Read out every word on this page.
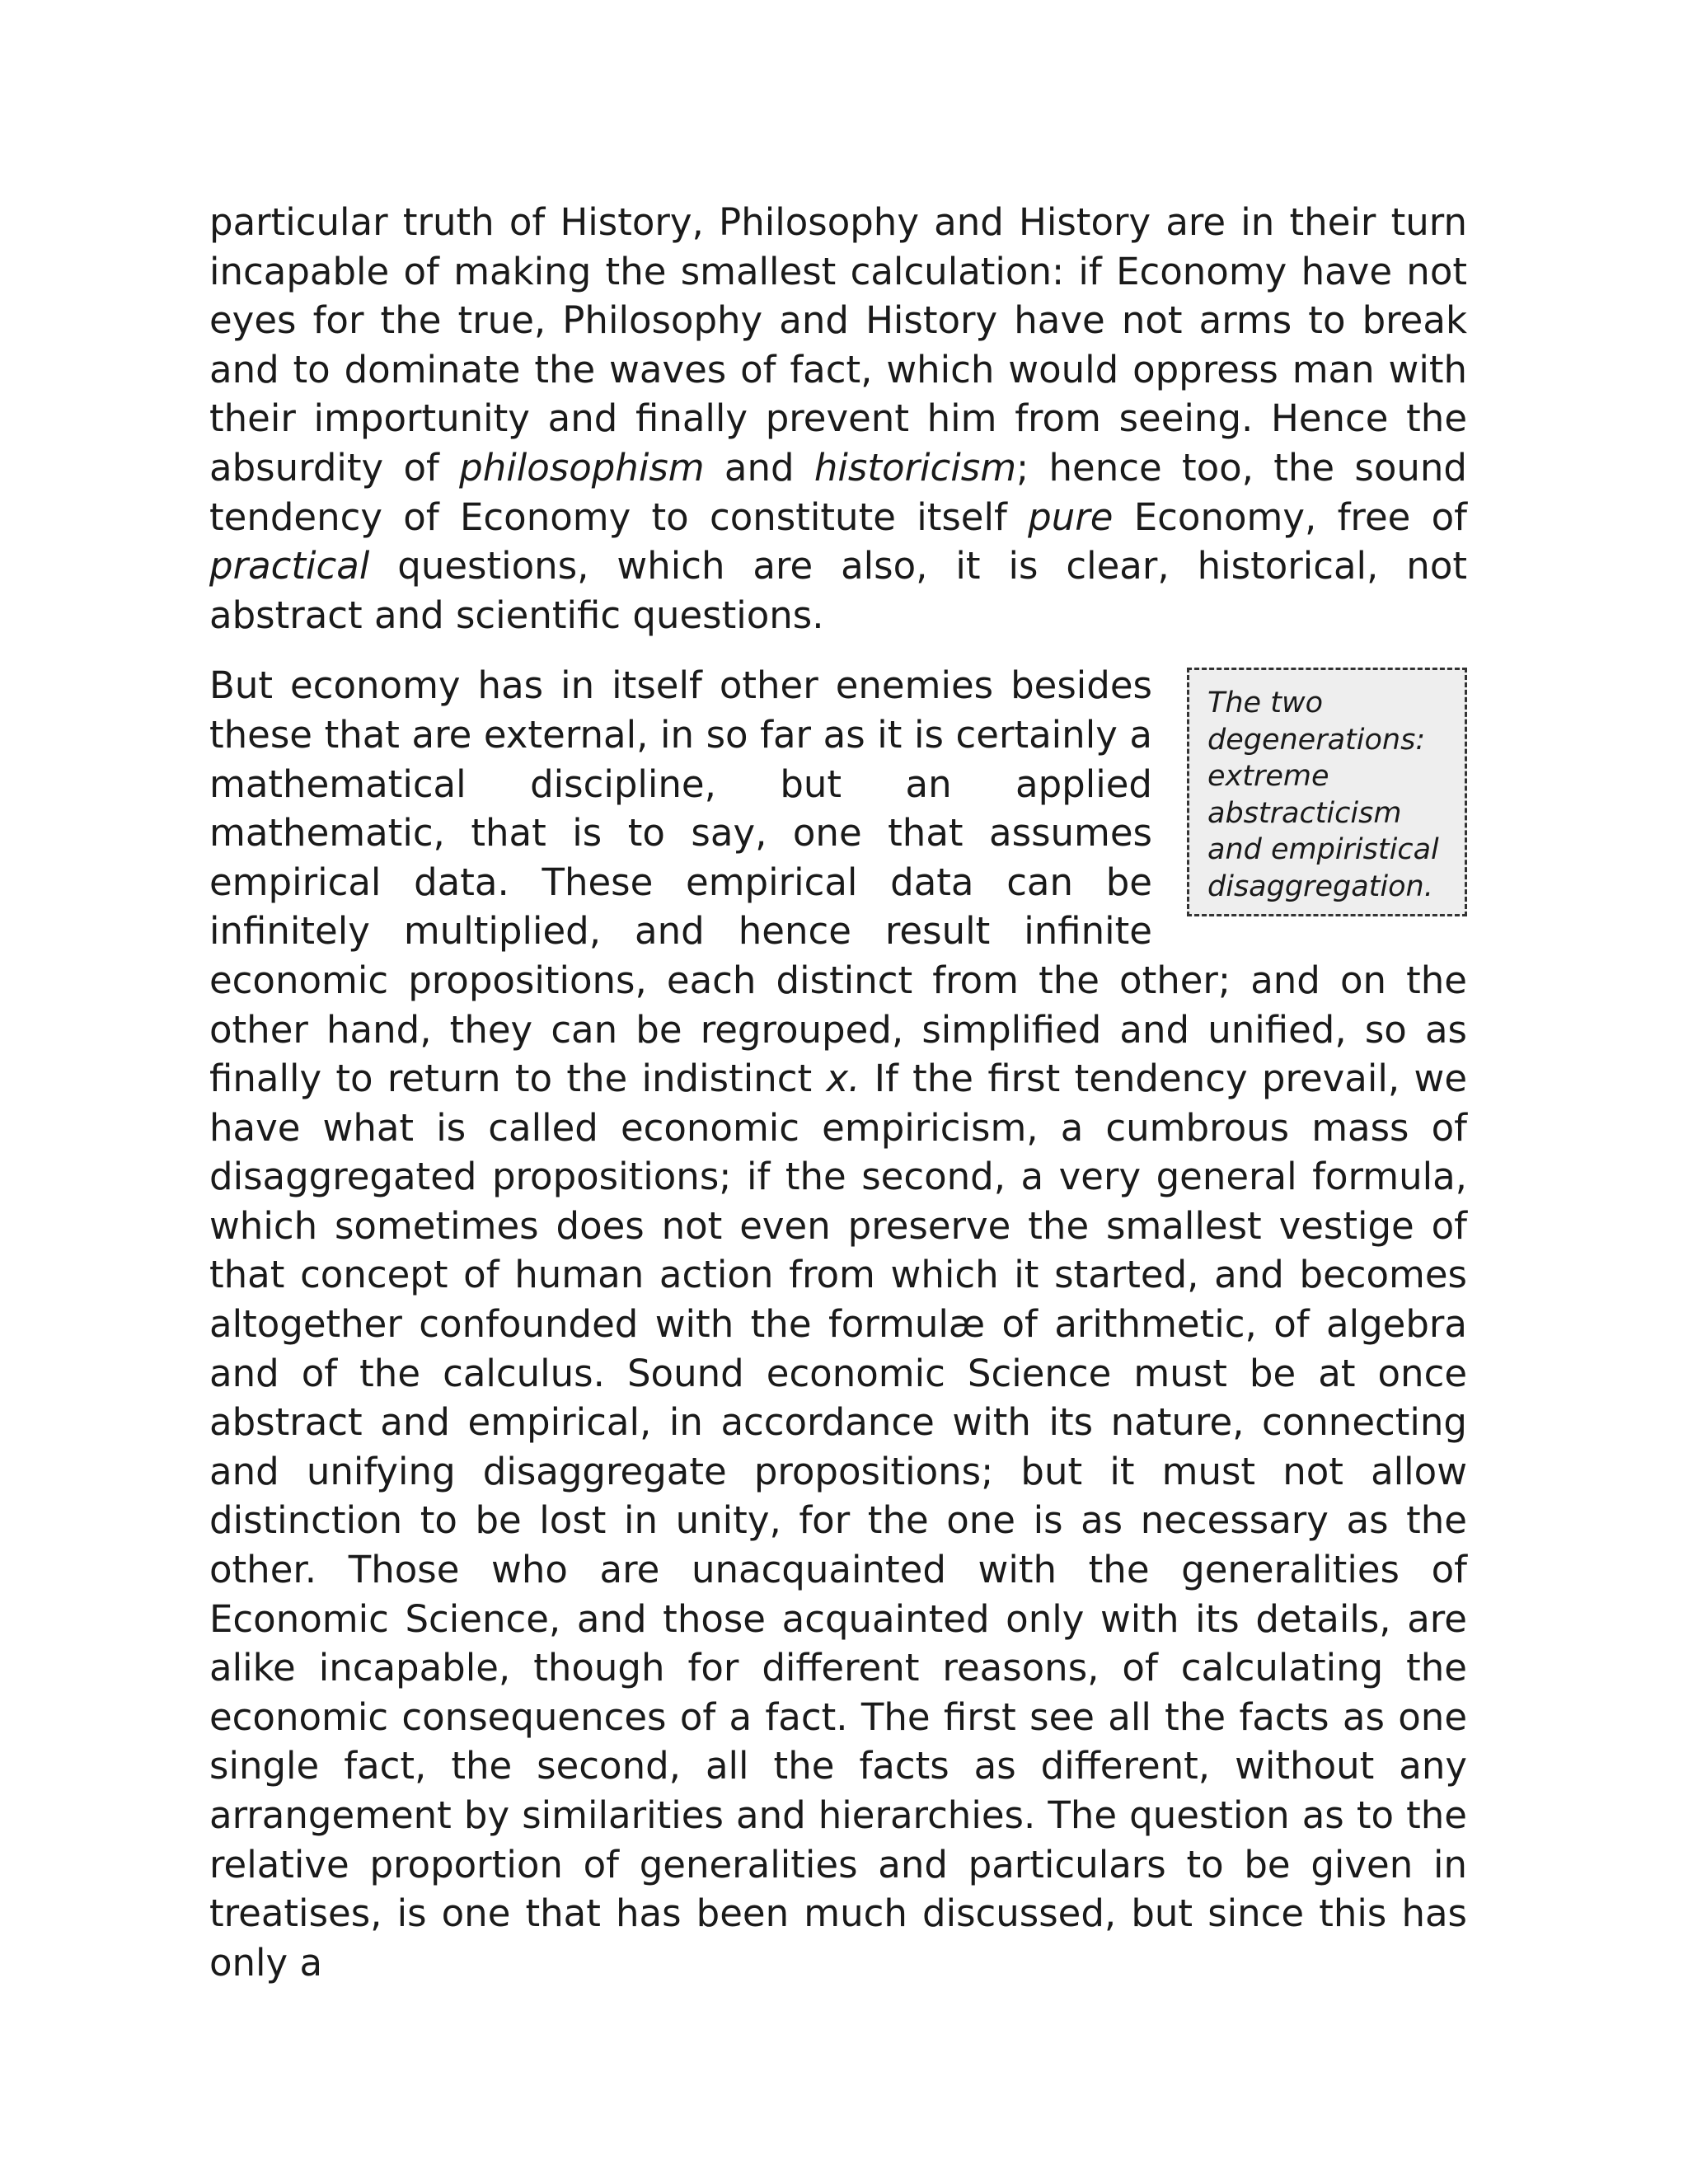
particular truth of History, Philosophy and History are in their turn incapable of making the smallest calculation: if Economy have not eyes for the true, Philosophy and History have not arms to break and to dominate the waves of fact, which would oppress man with their importunity and finally prevent him from seeing. Hence the absurdity of philosophism and historicism; hence too, the sound tendency of Economy to constitute itself pure Economy, free of practical questions, which are also, it is clear, historical, not abstract and scientific questions.

The two degenerations: extreme abstracticism and empiristical disaggregation.
But economy has in itself other enemies besides these that are external, in so far as it is certainly a mathematical discipline, but an applied mathematic, that is to say, one that assumes empirical data. These empirical data can be infinitely multiplied, and hence result infinite economic propositions, each distinct from the other; and on the other hand, they can be regrouped, simplified and unified, so as finally to return to the indistinct x. If the first tendency prevail, we have what is called economic empiricism, a cumbrous mass of disaggregated propositions; if the second, a very general formula, which sometimes does not even preserve the smallest vestige of that concept of human action from which it started, and becomes altogether confounded with the formulæ of arithmetic, of algebra and of the calculus. Sound economic Science must be at once abstract and empirical, in accordance with its nature, connecting and unifying disaggregate propositions; but it must not allow distinction to be lost in unity, for the one is as necessary as the other. Those who are unacquainted with the generalities of Economic Science, and those acquainted only with its details, are alike incapable, though for different reasons, of calculating the economic consequences of a fact. The first see all the facts as one single fact, the second, all the facts as different, without any arrangement by similarities and hierarchies. The question as to the relative proportion of generalities and particulars to be given in treatises, is one that has been much discussed, but since this has only a
